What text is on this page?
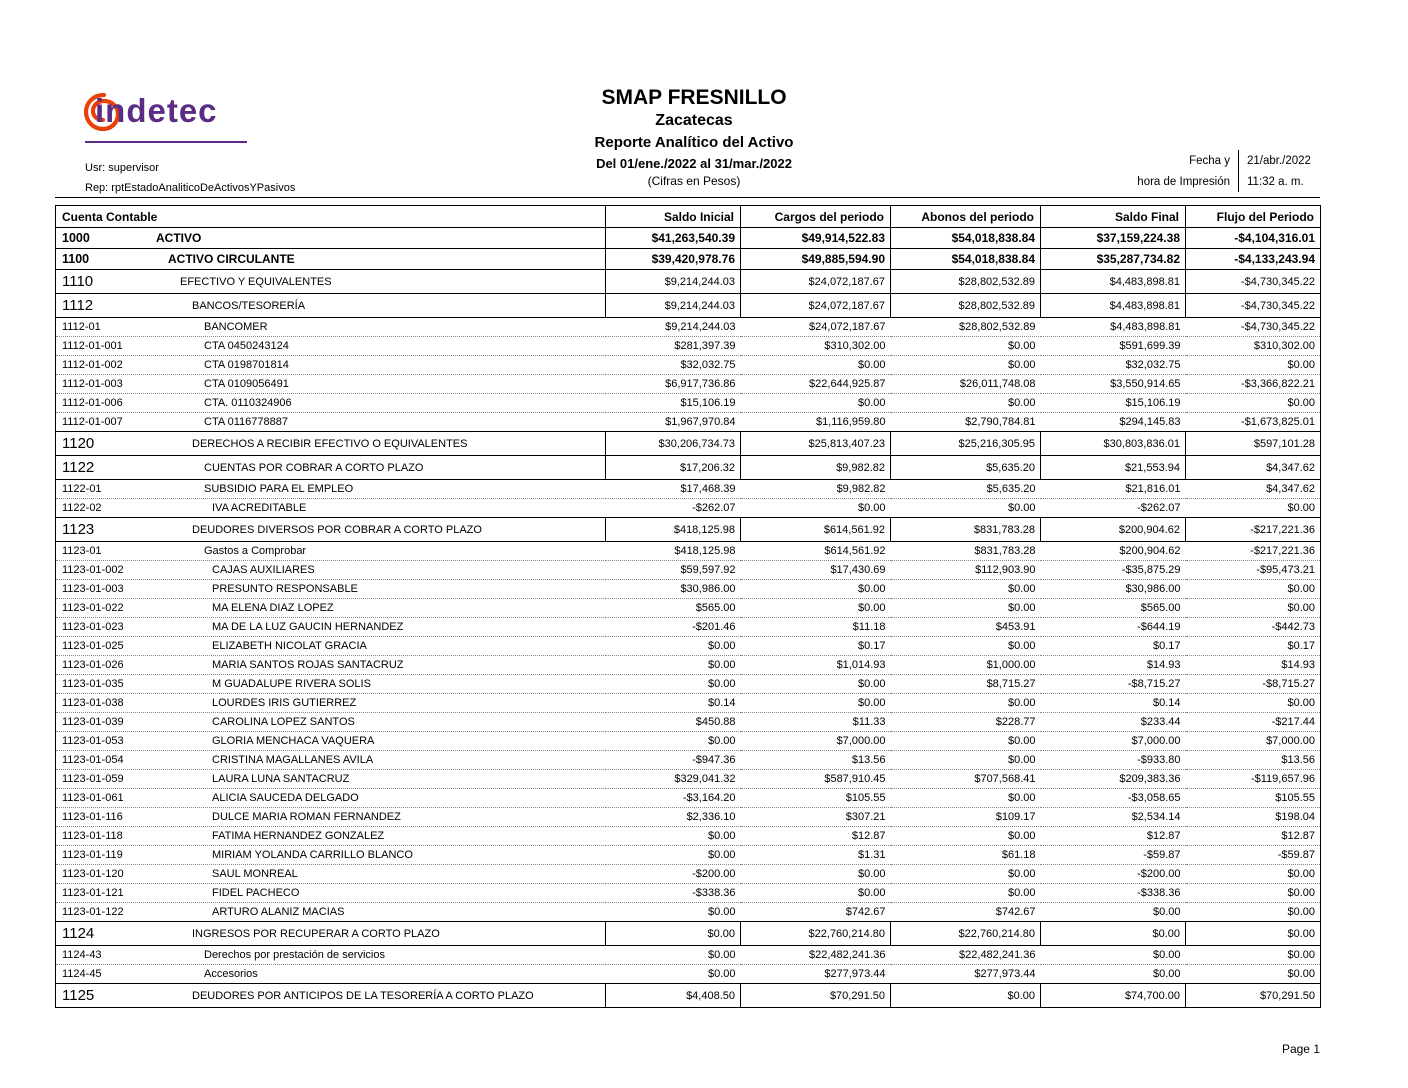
indetec
Usr: supervisor
Rep: rptEstadoAnaliticoDeActivosYPasivos
SMAP FRESNILLO
Zacatecas
Reporte Analítico del Activo
Del 01/ene./2022 al 31/mar./2022
(Cifras en Pesos)
Fecha y	21/abr./2022
hora de Impresión	11:32 a. m.
Cuenta Contable	Saldo Inicial	Cargos del periodo	Abonos del periodo	Saldo Final	Flujo del Periodo
1000 ACTIVO	$41,263,540.39	$49,914,522.83	$54,018,838.84	$37,159,224.38	-$4,104,316.01
1100 ACTIVO CIRCULANTE	$39,420,978.76	$49,885,594.90	$54,018,838.84	$35,287,734.82	-$4,133,243.94
1110 EFECTIVO Y EQUIVALENTES	$9,214,244.03	$24,072,187.67	$28,802,532.89	$4,483,898.81	-$4,730,345.22
1112 BANCOS/TESORERÍA	$9,214,244.03	$24,072,187.67	$28,802,532.89	$4,483,898.81	-$4,730,345.22
1112-01 BANCOMER	$9,214,244.03	$24,072,187.67	$28,802,532.89	$4,483,898.81	-$4,730,345.22
1112-01-001 CTA 0450243124	$281,397.39	$310,302.00	$0.00	$591,699.39	$310,302.00
1112-01-002 CTA 0198701814	$32,032.75	$0.00	$0.00	$32,032.75	$0.00
1112-01-003 CTA 0109056491	$6,917,736.86	$22,644,925.87	$26,011,748.08	$3,550,914.65	-$3,366,822.21
1112-01-006 CTA. 0110324906	$15,106.19	$0.00	$0.00	$15,106.19	$0.00
1112-01-007 CTA 0116778887	$1,967,970.84	$1,116,959.80	$2,790,784.81	$294,145.83	-$1,673,825.01
1120 DERECHOS A RECIBIR EFECTIVO O EQUIVALENTES	$30,206,734.73	$25,813,407.23	$25,216,305.95	$30,803,836.01	$597,101.28
1122 CUENTAS POR COBRAR A CORTO PLAZO	$17,206.32	$9,982.82	$5,635.20	$21,553.94	$4,347.62
1122-01 SUBSIDIO PARA EL EMPLEO	$17,468.39	$9,982.82	$5,635.20	$21,816.01	$4,347.62
1122-02 IVA ACREDITABLE	-$262.07	$0.00	$0.00	-$262.07	$0.00
1123 DEUDORES DIVERSOS POR COBRAR A CORTO PLAZO	$418,125.98	$614,561.92	$831,783.28	$200,904.62	-$217,221.36
1123-01 Gastos a Comprobar	$418,125.98	$614,561.92	$831,783.28	$200,904.62	-$217,221.36
1123-01-002 CAJAS AUXILIARES	$59,597.92	$17,430.69	$112,903.90	-$35,875.29	-$95,473.21
1123-01-003 PRESUNTO RESPONSABLE	$30,986.00	$0.00	$0.00	$30,986.00	$0.00
1123-01-022 MA ELENA DIAZ LOPEZ	$565.00	$0.00	$0.00	$565.00	$0.00
1123-01-023 MA DE LA LUZ GAUCIN HERNANDEZ	-$201.46	$11.18	$453.91	-$644.19	-$442.73
1123-01-025 ELIZABETH NICOLAT GRACIA	$0.00	$0.17	$0.00	$0.17	$0.17
1123-01-026 MARIA SANTOS ROJAS SANTACRUZ	$0.00	$1,014.93	$1,000.00	$14.93	$14.93
1123-01-035 M GUADALUPE RIVERA SOLIS	$0.00	$0.00	$8,715.27	-$8,715.27	-$8,715.27
1123-01-038 LOURDES IRIS GUTIERREZ	$0.14	$0.00	$0.00	$0.14	$0.00
1123-01-039 CAROLINA LOPEZ SANTOS	$450.88	$11.33	$228.77	$233.44	-$217.44
1123-01-053 GLORIA MENCHACA VAQUERA	$0.00	$7,000.00	$0.00	$7,000.00	$7,000.00
1123-01-054 CRISTINA MAGALLANES AVILA	-$947.36	$13.56	$0.00	-$933.80	$13.56
1123-01-059 LAURA LUNA SANTACRUZ	$329,041.32	$587,910.45	$707,568.41	$209,383.36	-$119,657.96
1123-01-061 ALICIA SAUCEDA DELGADO	-$3,164.20	$105.55	$0.00	-$3,058.65	$105.55
1123-01-116 DULCE MARIA ROMAN FERNANDEZ	$2,336.10	$307.21	$109.17	$2,534.14	$198.04
1123-01-118 FATIMA HERNANDEZ GONZALEZ	$0.00	$12.87	$0.00	$12.87	$12.87
1123-01-119 MIRIAM YOLANDA CARRILLO BLANCO	$0.00	$1.31	$61.18	-$59.87	-$59.87
1123-01-120 SAUL MONREAL	-$200.00	$0.00	$0.00	-$200.00	$0.00
1123-01-121 FIDEL PACHECO	-$338.36	$0.00	$0.00	-$338.36	$0.00
1123-01-122 ARTURO ALANIZ MACIAS	$0.00	$742.67	$742.67	$0.00	$0.00
1124 INGRESOS POR RECUPERAR A CORTO PLAZO	$0.00	$22,760,214.80	$22,760,214.80	$0.00	$0.00
1124-43 Derechos por prestación de servicios	$0.00	$22,482,241.36	$22,482,241.36	$0.00	$0.00
1124-45 Accesorios	$0.00	$277,973.44	$277,973.44	$0.00	$0.00
1125 DEUDORES POR ANTICIPOS DE LA TESORERÍA A CORTO PLAZO	$4,408.50	$70,291.50	$0.00	$74,700.00	$70,291.50
Page 1
